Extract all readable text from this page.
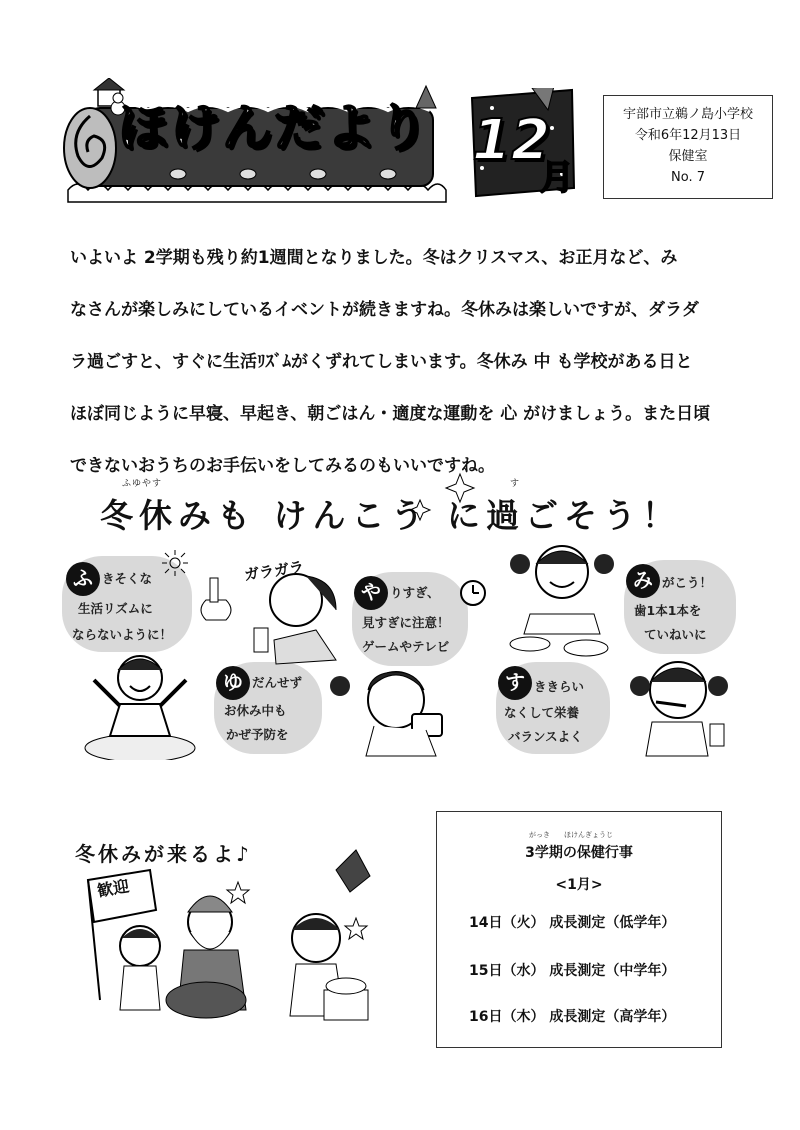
ほけんだより 12
月
宇部市立鵜ノ島小学校
令和6年12月13日
保健室
No. 7

いよいよ 2学期も残り約1週間となりました。冬はクリスマス、お正月など、み

なさんが楽しみにしているイベントが続きますね。冬休みは楽しいですが、ダラダ

ラ過ごすと、すぐに生活ﾘｽﾞﾑがくずれてしまいます。冬休み 中 も学校がある日と

ほぼ同じように早寝、早起き、朝ごはん・適度な運動を 心 がけましょう。また日頃

できないおうちのお手伝いをしてみるのもいいですね。

ふゆやす	す
冬休みも けんこう に過ごそう！
ふ きそくな
生活リズムに
ならないように！
ゆ だんせず
お休み中も
かぜ予防を
や りすぎ、
見すぎに注意！
ゲームやテレビ
す ききらい
なくして栄養
バランスよく
み がこう！
歯1本1本を
ていねいに
ガラガラ
冬休みが来るよ♪
歓迎
がっき　　ほけんぎょうじ
3学期の保健行事
<1月>
14日（火） 成長測定（低学年）
15日（水） 成長測定（中学年）
16日（木） 成長測定（高学年）
